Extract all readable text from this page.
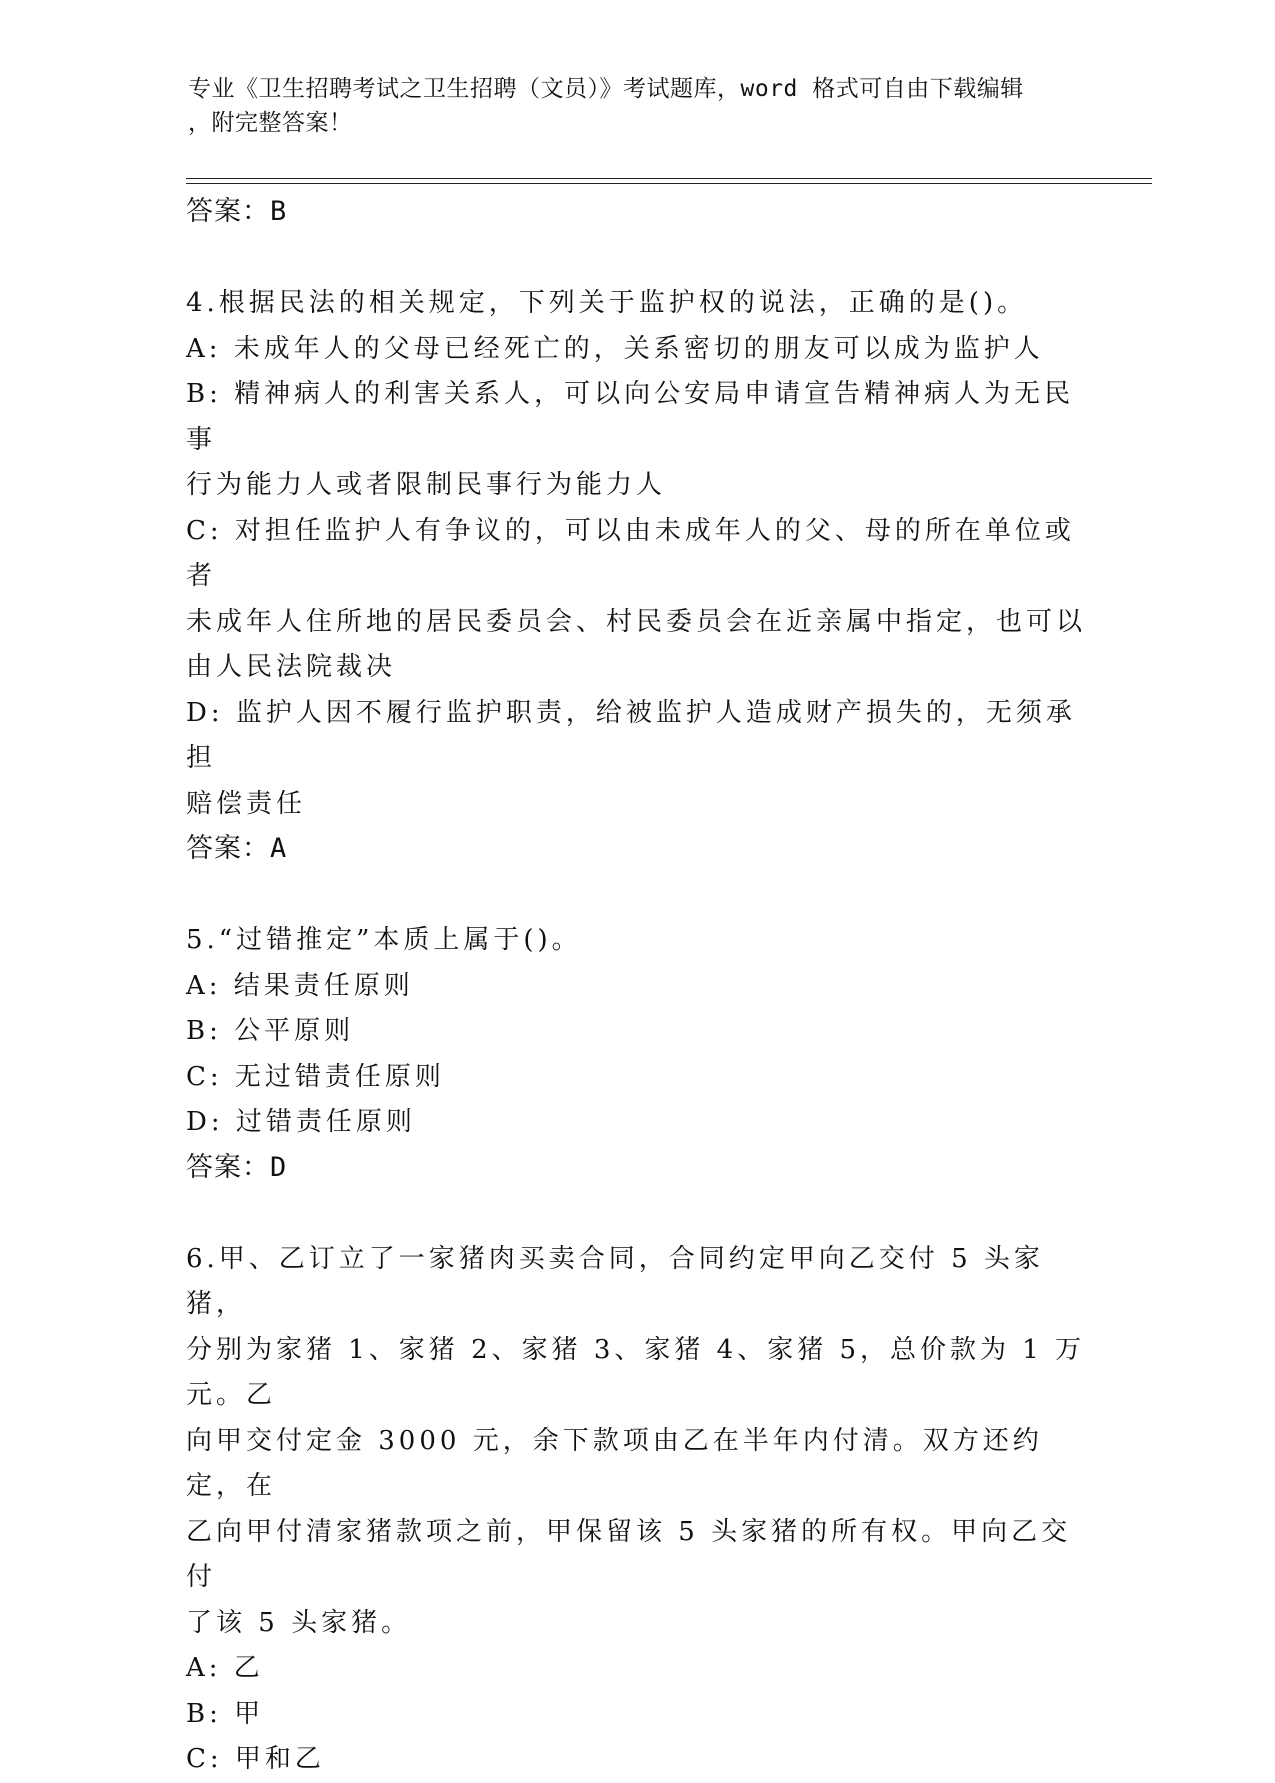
专业《卫生招聘考试之卫生招聘（文员）》考试题库，word 格式可自由下载编辑
，附完整答案！
答案：B
4.根据民法的相关规定，下列关于监护权的说法，正确的是()。
A: 未成年人的父母已经死亡的，关系密切的朋友可以成为监护人
B: 精神病人的利害关系人，可以向公安局申请宣告精神病人为无民事
行为能力人或者限制民事行为能力人
C: 对担任监护人有争议的，可以由未成年人的父、母的所在单位或者
未成年人住所地的居民委员会、村民委员会在近亲属中指定，也可以
由人民法院裁决
D: 监护人因不履行监护职责，给被监护人造成财产损失的，无须承担
赔偿责任
答案：A
5.“过错推定”本质上属于()。
A: 结果责任原则
B: 公平原则
C: 无过错责任原则
D: 过错责任原则
答案：D
6.甲、乙订立了一家猪肉买卖合同，合同约定甲向乙交付 5 头家猪，
分别为家猪 1、家猪 2、家猪 3、家猪 4、家猪 5，总价款为 1 万元。乙
向甲交付定金 3000 元，余下款项由乙在半年内付清。双方还约定，在
乙向甲付清家猪款项之前，甲保留该 5 头家猪的所有权。甲向乙交付
了该 5 头家猪。
A: 乙
B: 甲
C: 甲和乙
